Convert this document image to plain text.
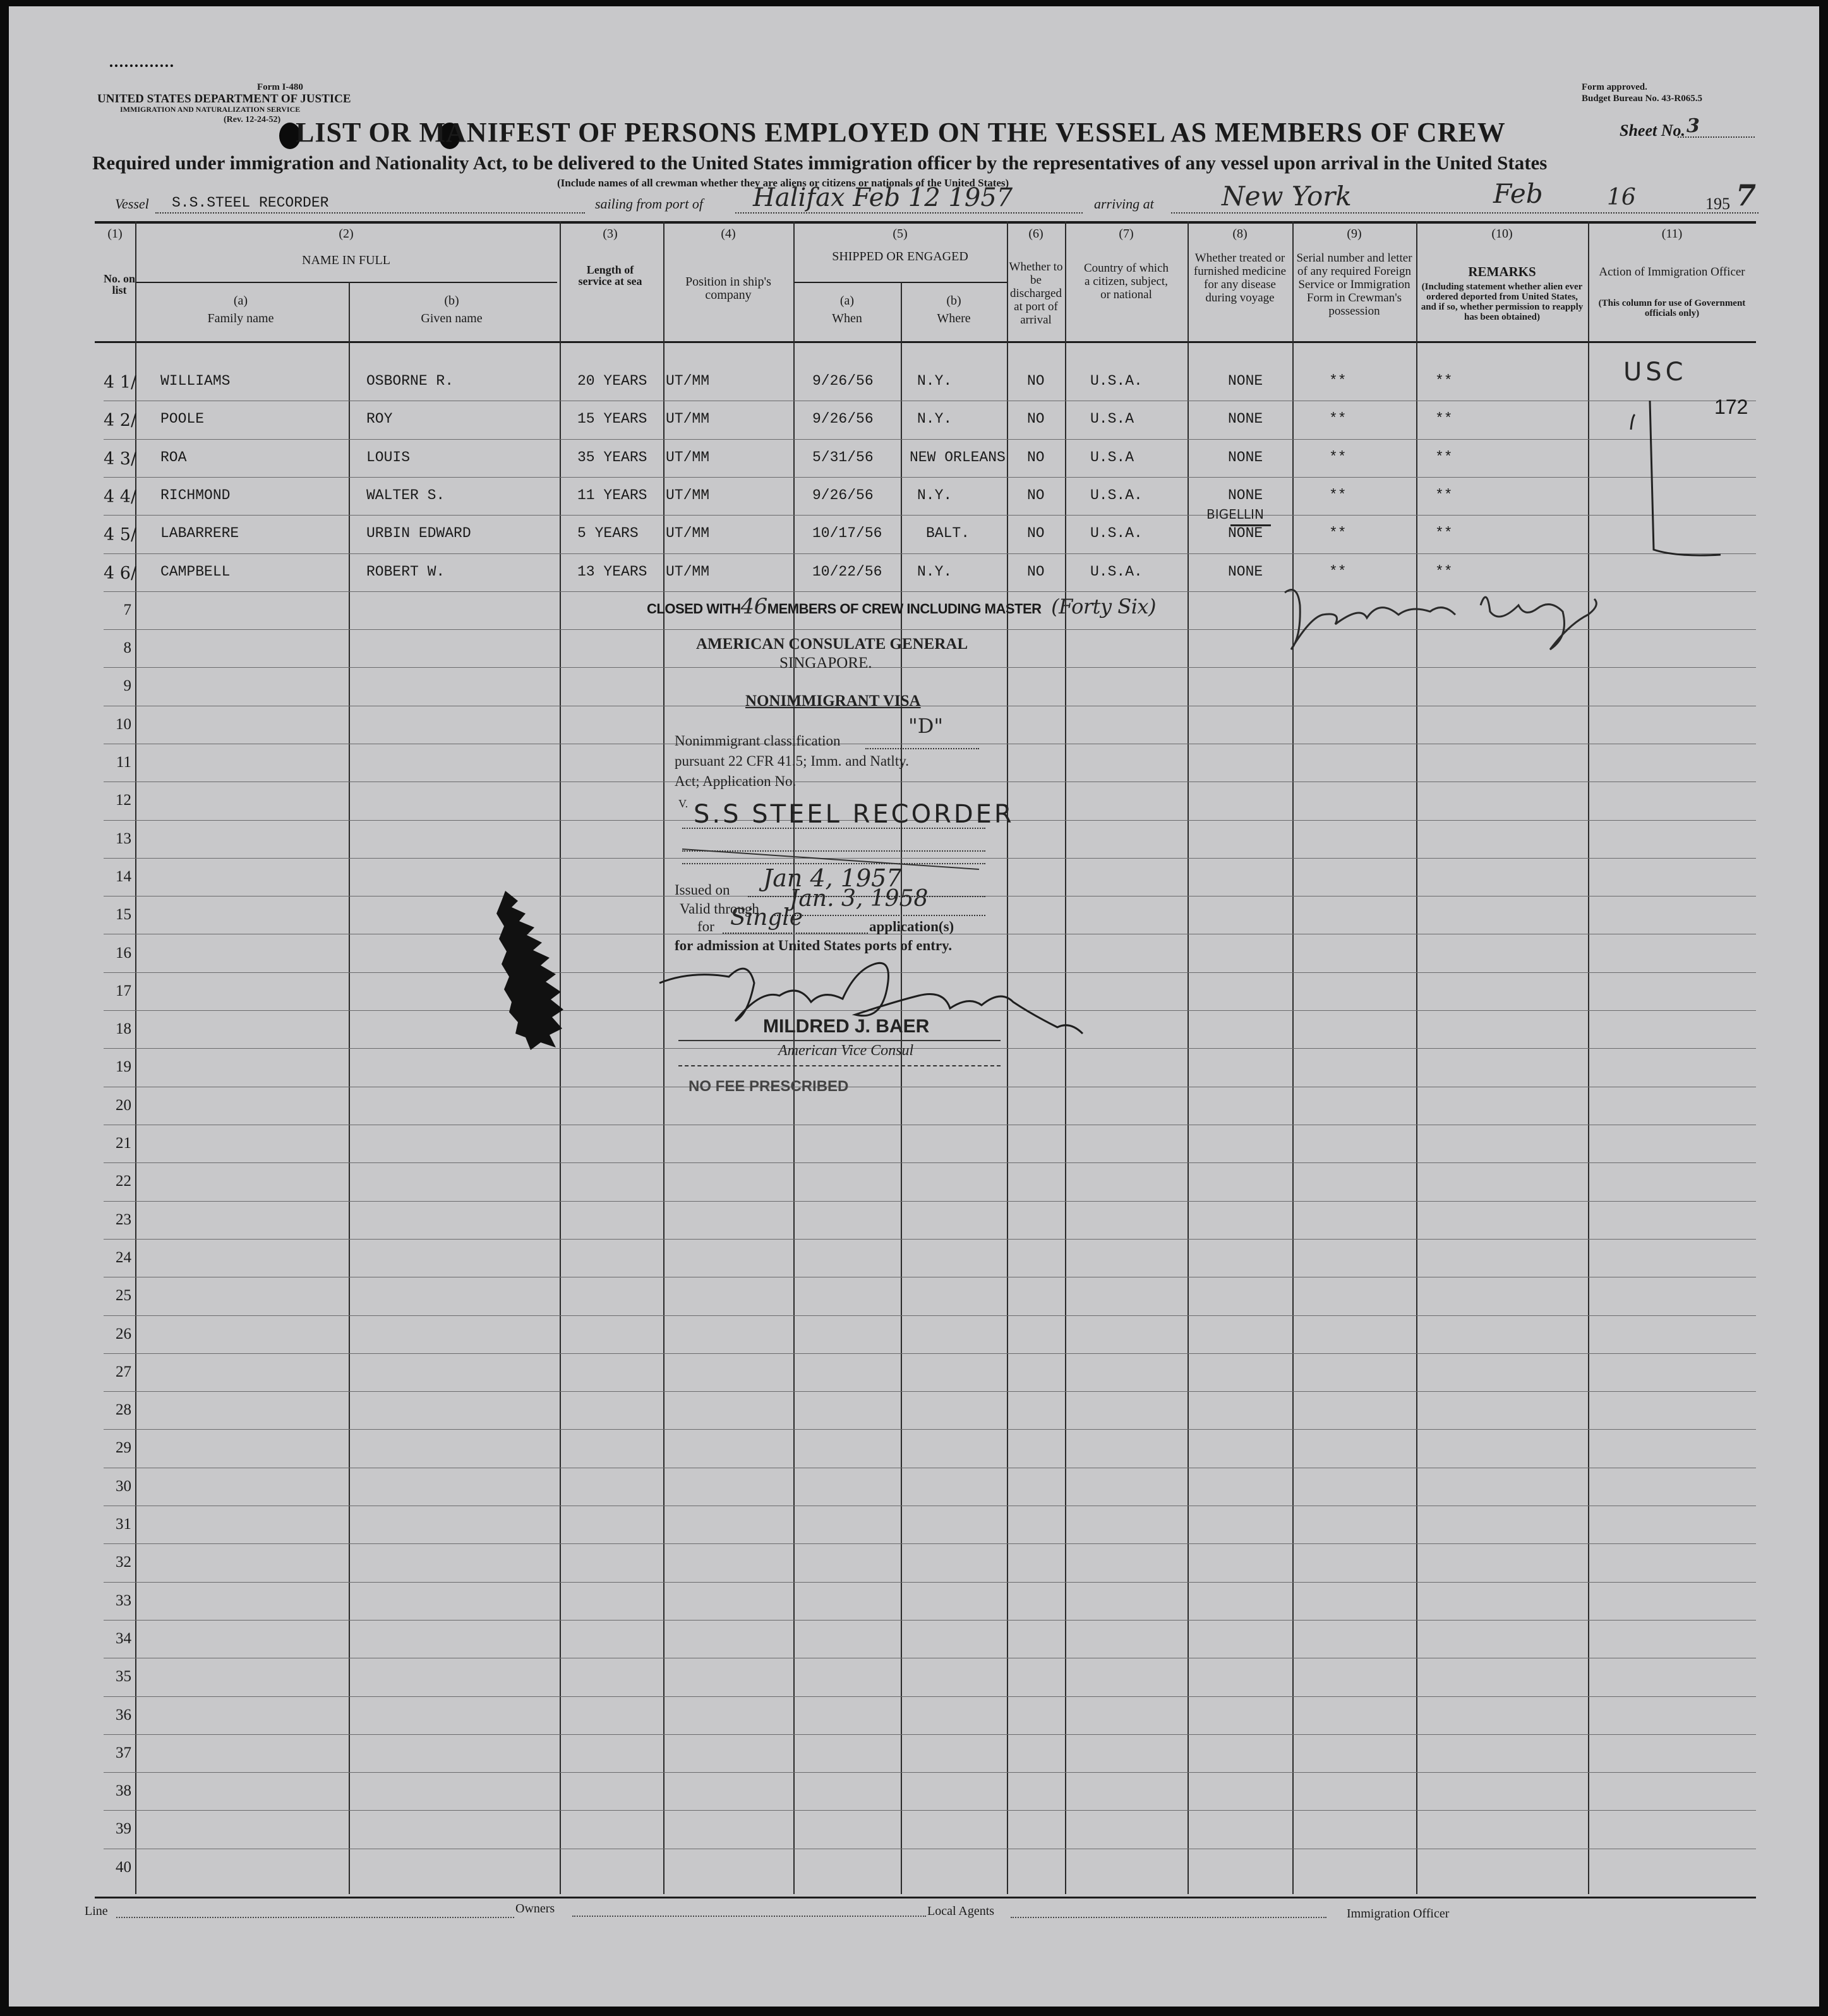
Form I-480
UNITED STATES DEPARTMENT OF JUSTICE
IMMIGRATION AND NATURALIZATION SERVICE
(Rev. 12-24-52)
Form approved.
Budget Bureau No. 43-R065.5
LIST OR MANIFEST OF PERSONS EMPLOYED ON THE VESSEL AS MEMBERS OF CREW	Sheet No. 3
Required under immigration and Nationality Act, to be delivered to the United States immigration officer by the representatives of any vessel upon arrival in the United States
(Include names of all crewman whether they are aliens or citizens or nationals of the United States)
Vessel S.S.STEEL RECORDER	sailing from port of Halifax Feb 12 1957	arriving at	New York	Feb	16	195 7
(1)
No. on list
(2)
NAME IN FULL
(a)
Family name
(b)
Given name
(3)
Length of service at sea
(4)
Position in ship's company
(5)
SHIPPED OR ENGAGED
(a)
When
(b)
Where
(6)
Whether to be discharged at port of arrival
(7)
Country of which a citizen, subject, or national
(8)
Whether treated or furnished medicine for any disease during voyage
(9)
Serial number and letter of any required Foreign Service or Immigration Form in Crewman's possession
(10)
REMARKS
(Including statement whether alien ever ordered deported from United States, and if so, whether permission to reapply has been obtained)
(11)
Action of Immigration Officer
(This column for use of Government officials only)
4 1/ WILLIAMS	OSBORNE R.	20 YEARS UT/MM	9/26/56	N.Y.	NO	U.S.A.	NONE	**	**
4 2/ POOLE	ROY	15 YEARS UT/MM	9/26/56	N.Y.	NO	U.S.A	NONE	**	**
4 3/ ROA	LOUIS	35 YEARS UT/MM	5/31/56 NEW ORLEANS NO	U.S.A	NONE	**	**
4 4/ RICHMOND	WALTER S.	11 YEARS UT/MM	9/26/56	N.Y.	NO	U.S.A.	NONE	**	**
4 5/ LABARRERE	URBIN EDWARD	5 YEARS UT/MM	10/17/56	BALT.	NO	U.S.A.	NONE	**	**
4 6/ CAMPBELL	ROBERT W.	13 YEARS UT/MM	10/22/56 N.Y.	NO	U.S.A.	NONE	**	**
7
8
9
10
11
12
13
14
15
16
17
18
19
20
21
22
23
24
25
26
27
28
29
30
31
32
33
34
35
36
37
38
39
40
CLOSED WITH46MEMBERS OF CREW INCLUDING MASTER (Forty Six)
USC
172
BIGELLIN
AMERICAN CONSULATE GENERAL
SINGAPORE.
NONIMMIGRANT VISA
Nonimmigrant classification
"D"
pursuant 22 CFR 41.5; Imm. and Natlty.
Act; Application No.
V. S.S STEEL RECORDER
Issued on Jan 4, 1957
Valid through Jan. 3, 1958
for Single	application(s)
for admission at United States ports of entry.
MILDRED J. BAER
American Vice Consul
NO FEE PRESCRIBED
Line	Owners	Local Agents	Immigration Officer
